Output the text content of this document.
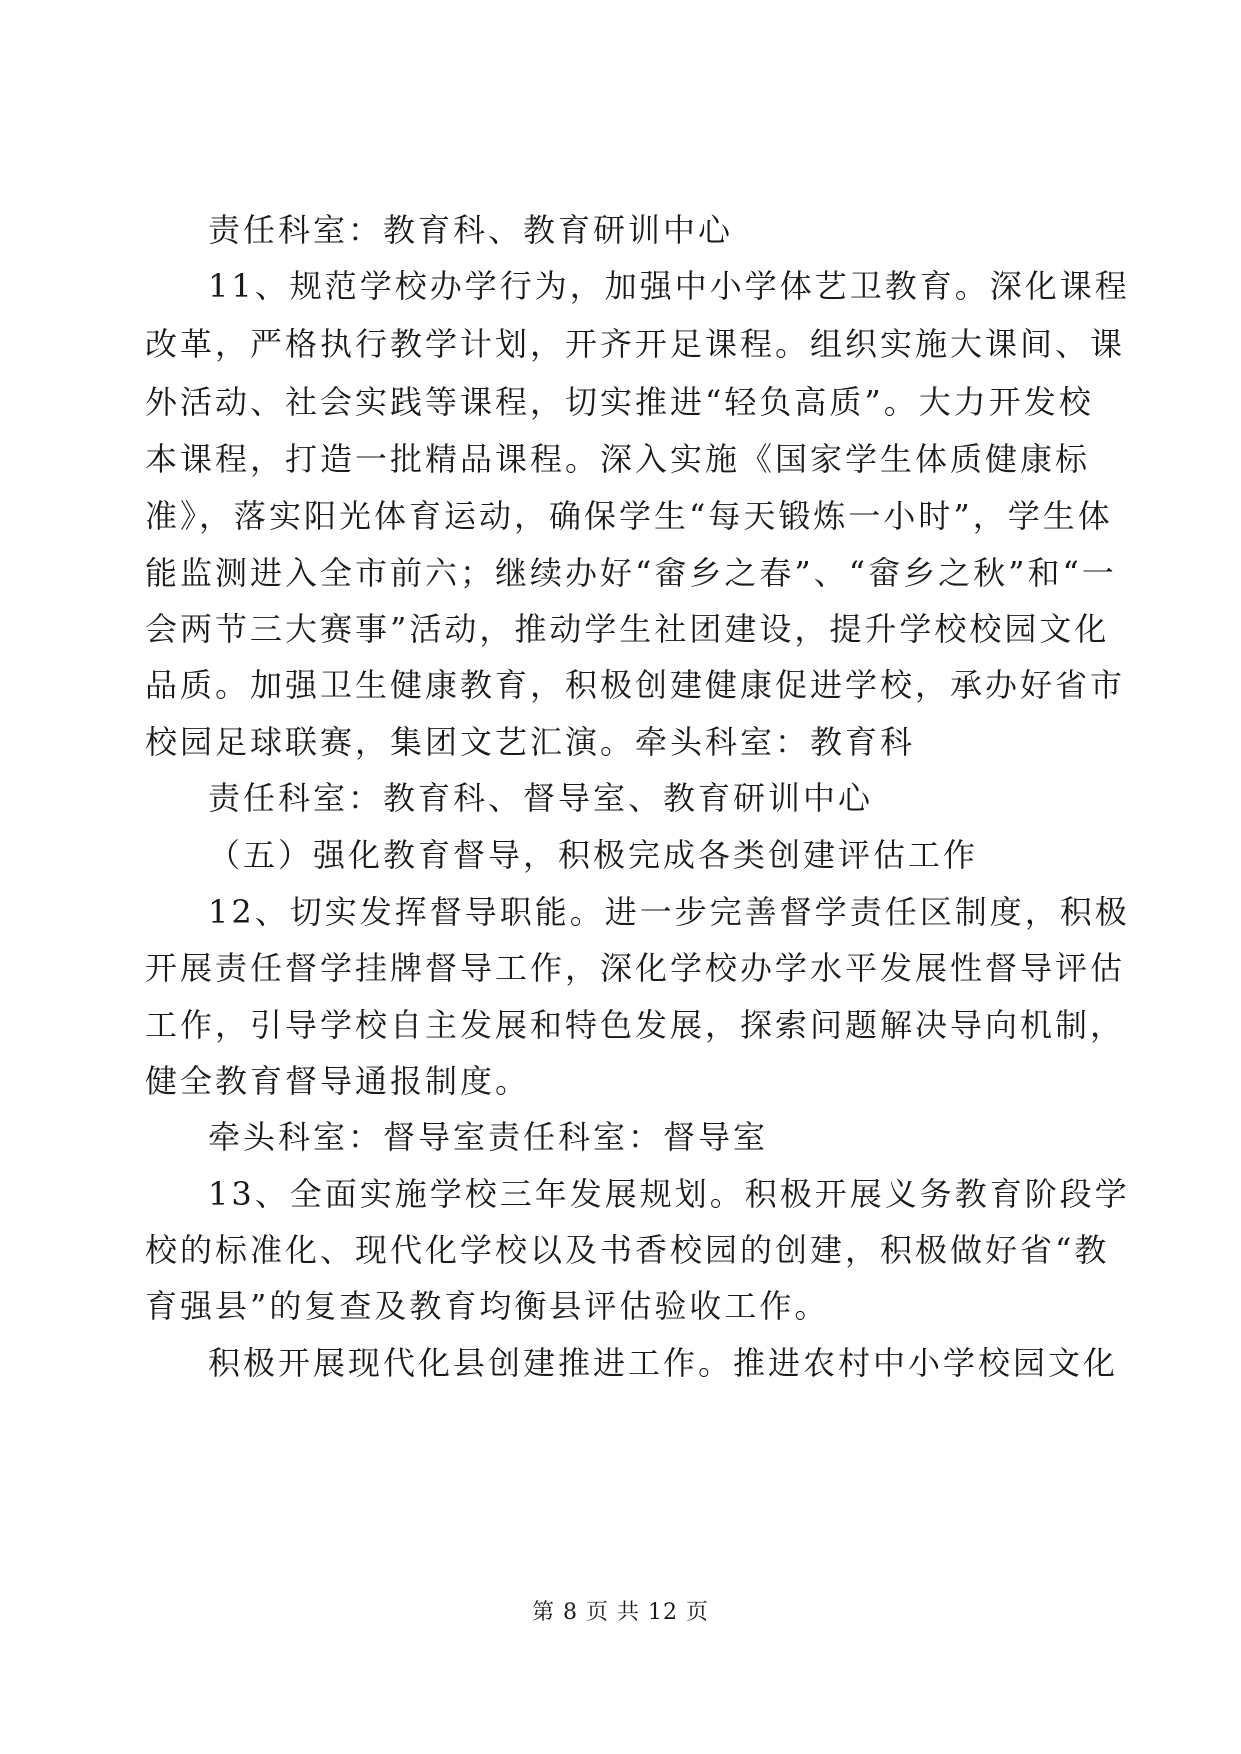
责任科室：教育科、教育研训中心
11、规范学校办学行为，加强中小学体艺卫教育。深化课程
改革，严格执行教学计划，开齐开足课程。组织实施大课间、课
外活动、社会实践等课程，切实推进“轻负高质”。大力开发校
本课程，打造一批精品课程。深入实施《国家学生体质健康标
准》，落实阳光体育运动，确保学生“每天锻炼一小时”，学生体
能监测进入全市前六；继续办好“畲乡之春”、“畲乡之秋”和“一
会两节三大赛事”活动，推动学生社团建设，提升学校校园文化
品质。加强卫生健康教育，积极创建健康促进学校，承办好省市
校园足球联赛，集团文艺汇演。牵头科室：教育科
责任科室：教育科、督导室、教育研训中心
（五）强化教育督导，积极完成各类创建评估工作
12、切实发挥督导职能。进一步完善督学责任区制度，积极
开展责任督学挂牌督导工作，深化学校办学水平发展性督导评估
工作，引导学校自主发展和特色发展，探索问题解决导向机制，
健全教育督导通报制度。
牵头科室：督导室责任科室：督导室
13、全面实施学校三年发展规划。积极开展义务教育阶段学
校的标准化、现代化学校以及书香校园的创建，积极做好省“教
育强县”的复查及教育均衡县评估验收工作。
积极开展现代化县创建推进工作。推进农村中小学校园文化
第 8 页 共 12 页
